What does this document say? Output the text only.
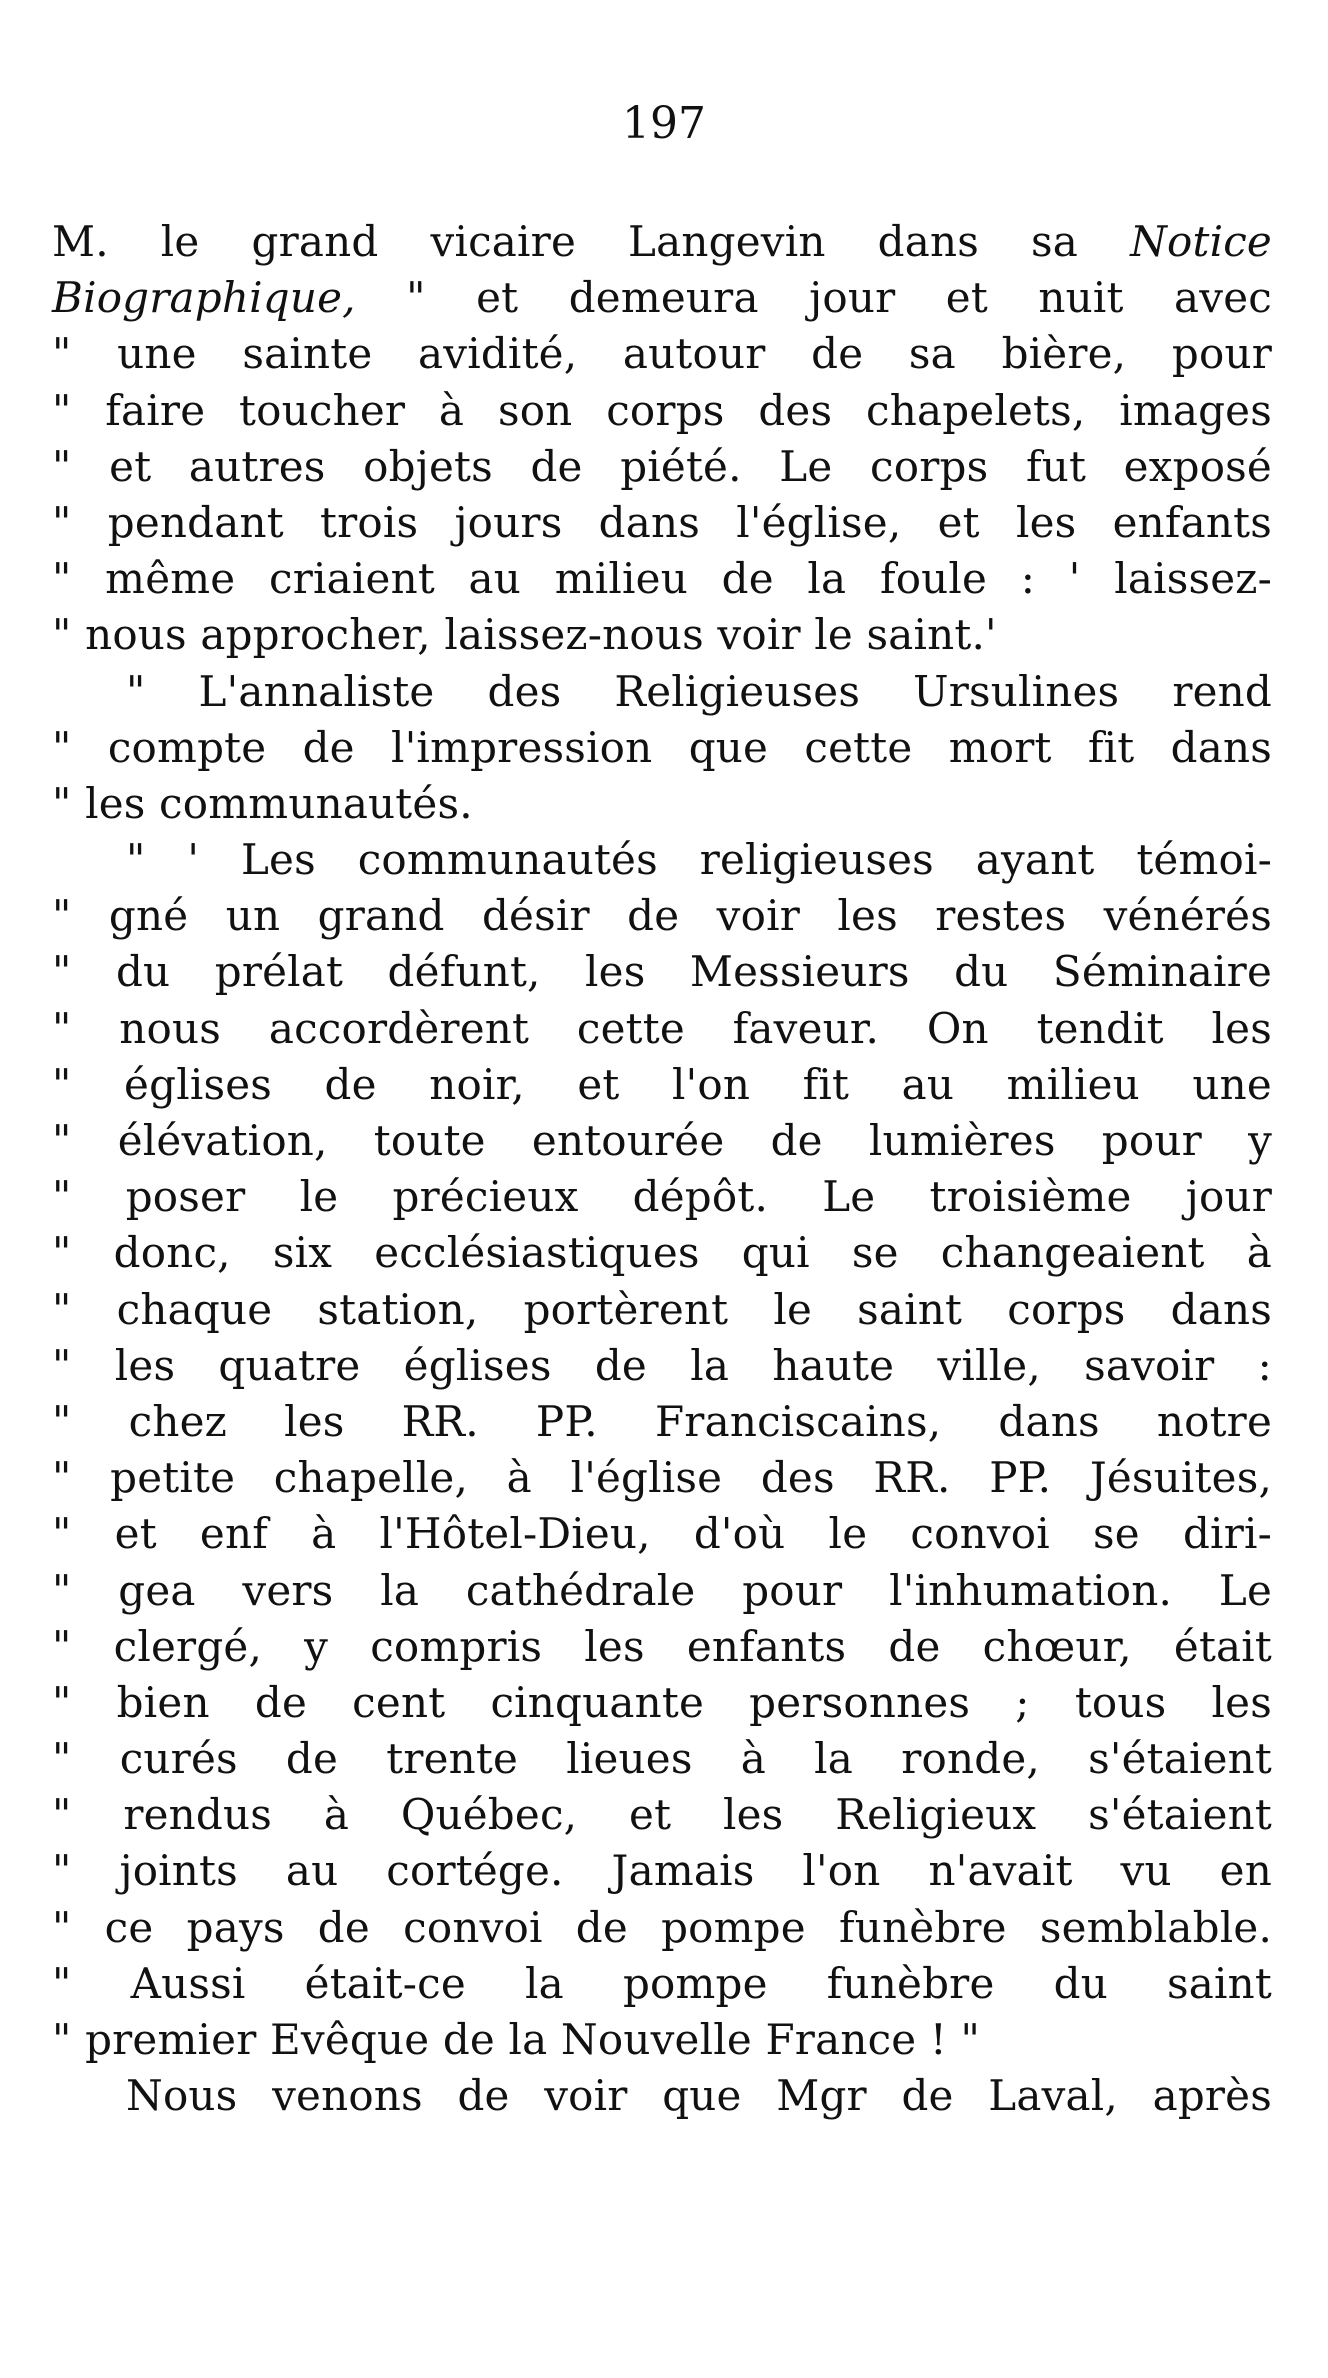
197
M. le grand vicaire Langevin dans sa Notice
Biographique, " et demeura jour et nuit avec
" une sainte avidité, autour de sa bière, pour
" faire toucher à son corps des chapelets, images
" et autres objets de piété. Le corps fut exposé
" pendant trois jours dans l'église, et les enfants
" même criaient au milieu de la foule : ' laissez-
" nous approcher, laissez-nous voir le saint.'
" L'annaliste des Religieuses Ursulines rend
" compte de l'impression que cette mort fit dans
" les communautés.
" ' Les communautés religieuses ayant témoi-
" gné un grand désir de voir les restes vénérés
" du prélat défunt, les Messieurs du Séminaire
" nous accordèrent cette faveur. On tendit les
" églises de noir, et l'on fit au milieu une
" élévation, toute entourée de lumières pour y
" poser le précieux dépôt. Le troisième jour
" donc, six ecclésiastiques qui se changeaient à
" chaque station, portèrent le saint corps dans
" les quatre églises de la haute ville, savoir :
" chez les RR. PP. Franciscains, dans notre
" petite chapelle, à l'église des RR. PP. Jésuites,
" et enf à l'Hôtel-Dieu, d'où le convoi se diri-
" gea vers la cathédrale pour l'inhumation. Le
" clergé, y compris les enfants de chœur, était
" bien de cent cinquante personnes ; tous les
" curés de trente lieues à la ronde, s'étaient
" rendus à Québec, et les Religieux s'étaient
" joints au cortége. Jamais l'on n'avait vu en
" ce pays de convoi de pompe funèbre semblable.
" Aussi était-ce la pompe funèbre du saint
" premier Evêque de la Nouvelle France ! "
Nous venons de voir que Mgr de Laval, après
